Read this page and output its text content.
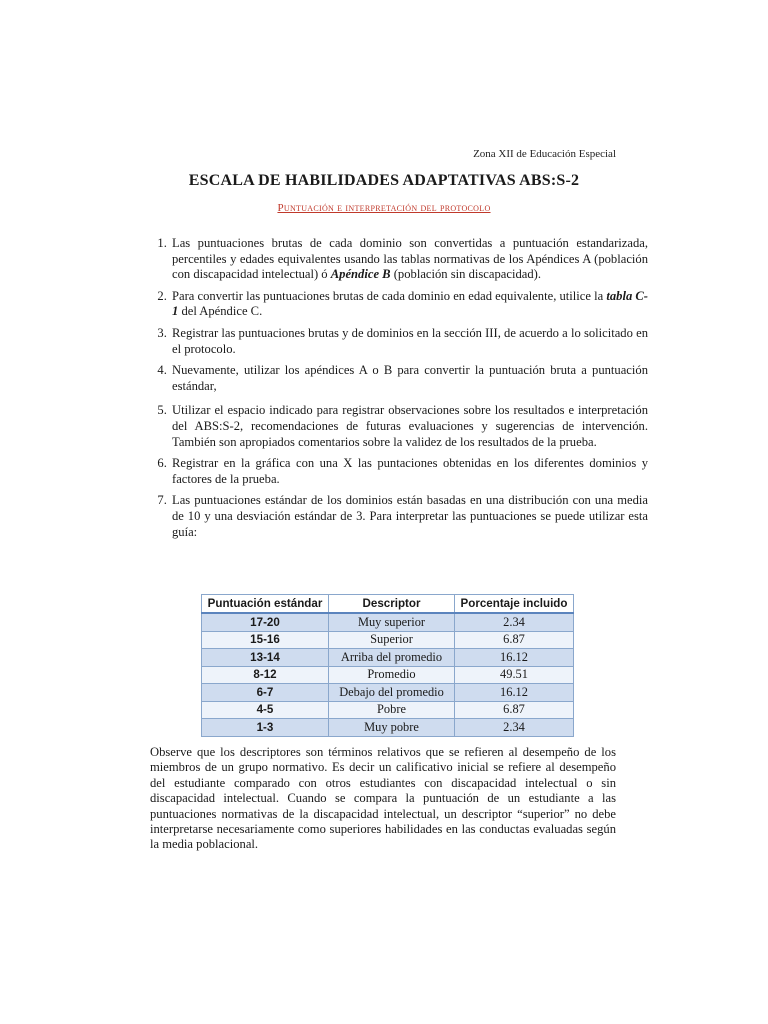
Zona XII de Educación Especial
ESCALA DE HABILIDADES ADAPTATIVAS ABS:S-2
Puntuación e interpretación del protocolo
1. Las puntuaciones brutas de cada dominio son convertidas a puntuación estandarizada, percentiles y edades equivalentes usando las tablas normativas de los Apéndices A (población con discapacidad intelectual) ó Apéndice B (población sin discapacidad).
2. Para convertir las puntuaciones brutas de cada dominio en edad equivalente, utilice la tabla C-1 del Apéndice C.
3. Registrar las puntuaciones brutas y de dominios en la sección III, de acuerdo a lo solicitado en el protocolo.
4. Nuevamente, utilizar los apéndices A o B para convertir la puntuación bruta a puntuación estándar,
5. Utilizar el espacio indicado para registrar observaciones sobre los resultados e interpretación del ABS:S-2, recomendaciones de futuras evaluaciones y sugerencias de intervención. También son apropiados comentarios sobre la validez de los resultados de la prueba.
6. Registrar en la gráfica con una X las puntaciones obtenidas en los diferentes dominios y factores de la prueba.
7. Las puntuaciones estándar de los dominios están basadas en una distribución con una media de 10 y una desviación estándar de 3. Para interpretar las puntuaciones se puede utilizar esta guía:
Puntuación estándar	Descriptor	Porcentaje incluido
17-20	Muy superior	2.34
15-16	Superior	6.87
13-14	Arriba del promedio	16.12
8-12	Promedio	49.51
6-7	Debajo del promedio	16.12
4-5	Pobre	6.87
1-3	Muy pobre	2.34

Observe que los descriptores son términos relativos que se refieren al desempeño de los miembros de un grupo normativo. Es decir un calificativo inicial se refiere al desempeño del estudiante comparado con otros estudiantes con discapacidad intelectual o sin discapacidad intelectual. Cuando se compara la puntuación de un estudiante a las puntuaciones normativas de la discapacidad intelectual, un descriptor “superior” no debe interpretarse necesariamente como superiores habilidades en las conductas evaluadas según la media poblacional.
